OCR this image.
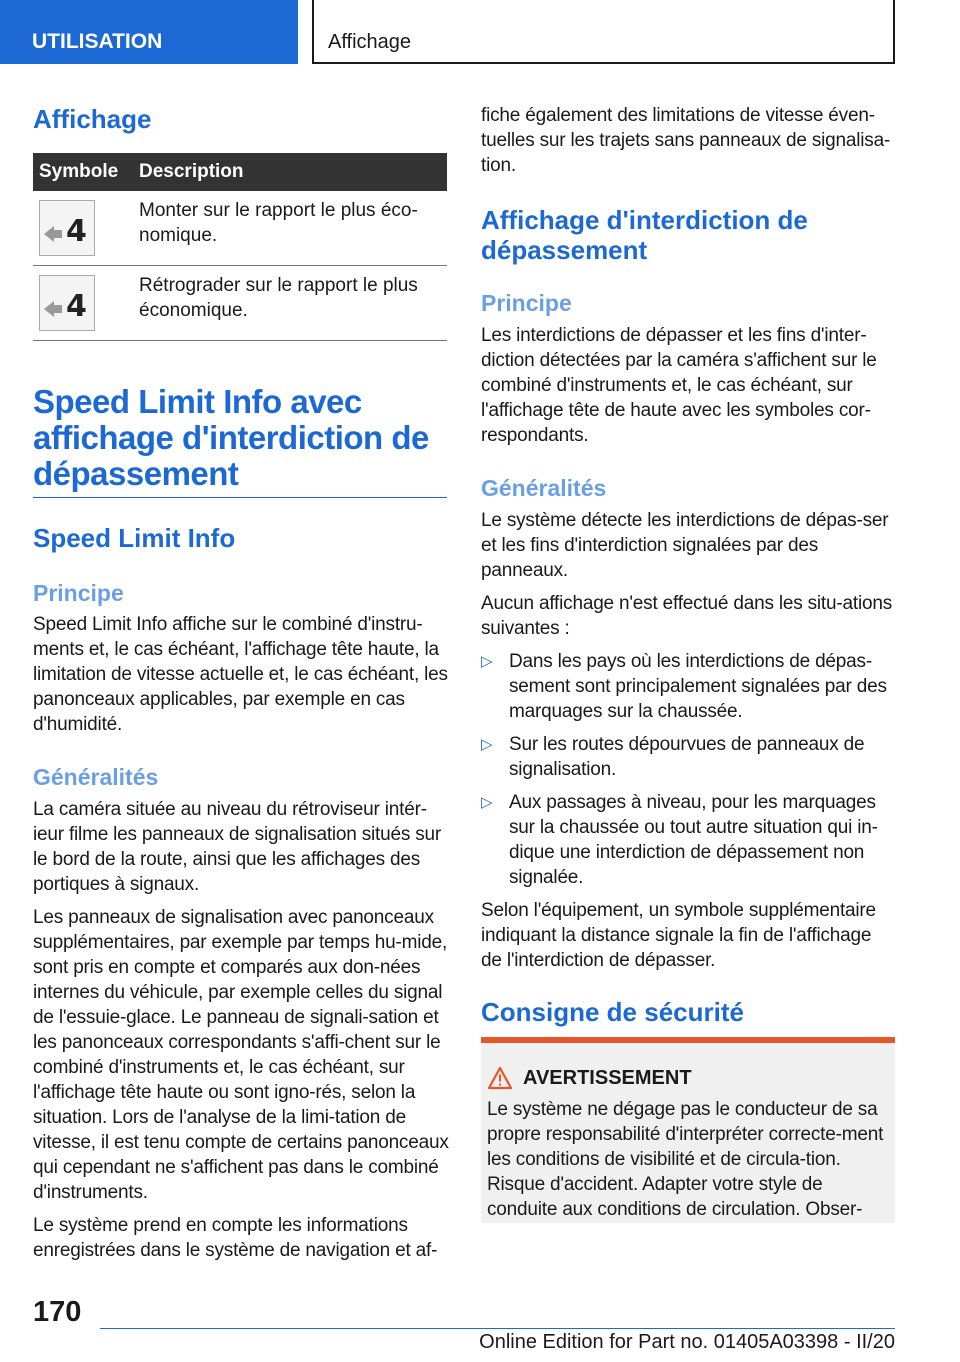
UTILISATION	Affichage
Affichage
Symbole	Description

4	Monter sur le rapport le plus éco-nomique.

4	Rétrograder sur le rapport le plus économique.
Speed Limit Info avec affichage d'interdiction de dépassement
Speed Limit Info
Principe

Speed Limit Info affiche sur le combiné d'instru-ments et, le cas échéant, l'affichage tête haute, la limitation de vitesse actuelle et, le cas échéant, les panonceaux applicables, par exemple en cas d'humidité.

Généralités

La caméra située au niveau du rétroviseur intér-ieur filme les panneaux de signalisation situés sur le bord de la route, ainsi que les affichages des portiques à signaux.

Les panneaux de signalisation avec panonceaux supplémentaires, par exemple par temps hu-mide, sont pris en compte et comparés aux don-nées internes du véhicule, par exemple celles du signal de l'essuie-glace. Le panneau de signali-sation et les panonceaux correspondants s'affi-chent sur le combiné d'instruments et, le cas échéant, sur l'affichage tête haute ou sont igno-rés, selon la situation. Lors de l'analyse de la limi-tation de vitesse, il est tenu compte de certains panonceaux qui cependant ne s'affichent pas dans le combiné d'instruments.

Le système prend en compte les informations enregistrées dans le système de navigation et af-

fiche également des limitations de vitesse éven-tuelles sur les trajets sans panneaux de signalisa-tion.

Affichage d'interdiction de dépassement
Principe

Les interdictions de dépasser et les fins d'inter-diction détectées par la caméra s'affichent sur le combiné d'instruments et, le cas échéant, sur l'affichage tête de haute avec les symboles cor-respondants.

Généralités

Le système détecte les interdictions de dépas-ser et les fins d'interdiction signalées par des panneaux.

Aucun affichage n'est effectué dans les situ-ations suivantes :

▷ Dans les pays où les interdictions de dépas-sement sont principalement signalées par des marquages sur la chaussée.
▷ Sur les routes dépourvues de panneaux de signalisation.
▷ Aux passages à niveau, pour les marquages sur la chaussée ou tout autre situation qui in-dique une interdiction de dépassement non signalée.

Selon l'équipement, un symbole supplémentaire indiquant la distance signale la fin de l'affichage de l'interdiction de dépasser.

Consigne de sécurité
AVERTISSEMENT

Le système ne dégage pas le conducteur de sa propre responsabilité d'interpréter correcte-ment les conditions de visibilité et de circula-tion. Risque d'accident. Adapter votre style de conduite aux conditions de circulation. Obser-

170
Online Edition for Part no. 01405A03398 - II/20
